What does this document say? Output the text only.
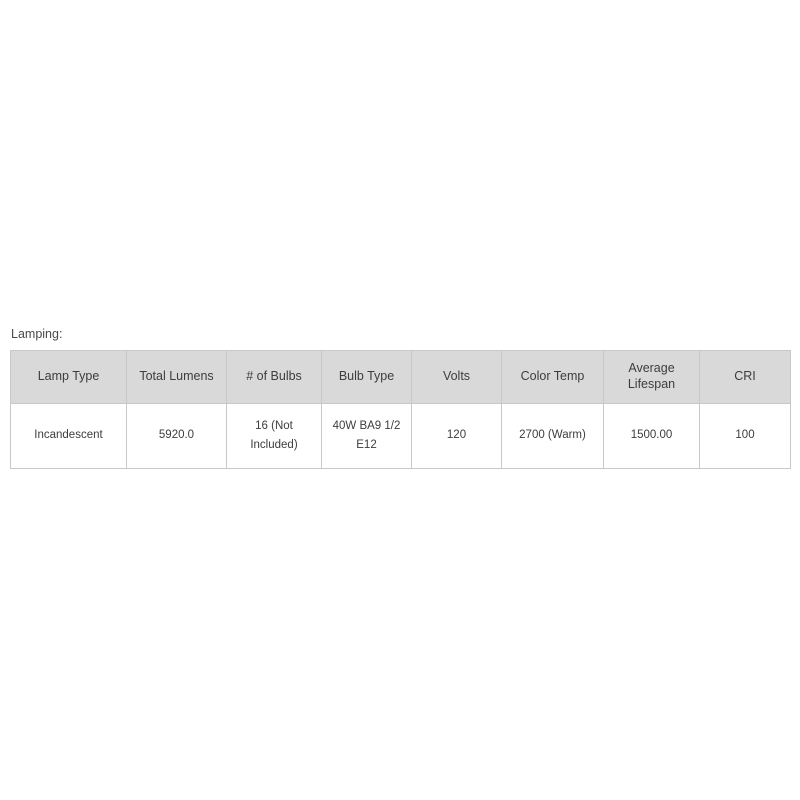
Lamping:
Lamp Type	Total Lumens	# of Bulbs	Bulb Type	Volts	Color Temp	Average Lifespan	CRI
Incandescent	5920.0	16 (Not Included)	40W BA9 1/2 E12	120	2700 (Warm)	1500.00	100
